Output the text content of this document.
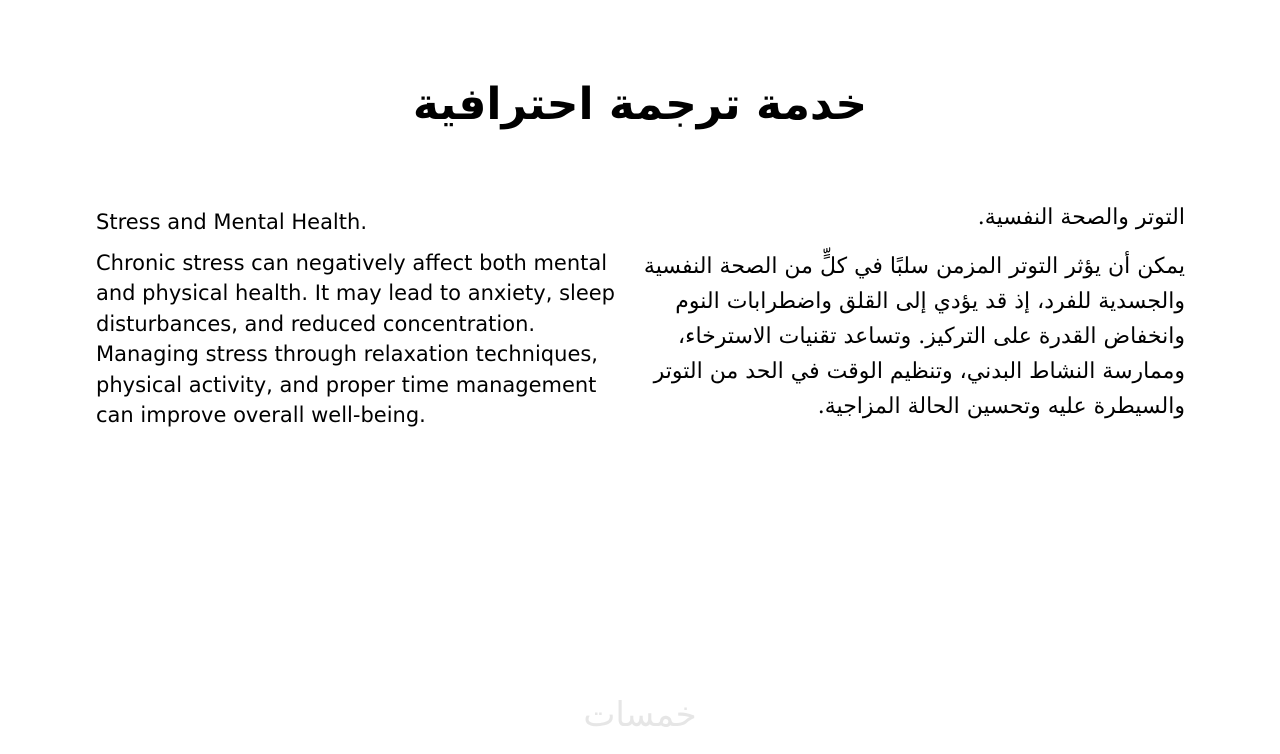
خدمة ترجمة احترافية

Stress and Mental Health.

Chronic stress can negatively affect both mental and physical health. It may lead to anxiety, sleep disturbances, and reduced concentration. Managing stress through relaxation techniques, physical activity, and proper time management can improve overall well-being.

التوتر والصحة النفسية.

يمكن أن يؤثر التوتر المزمن سلبًا في كلٍّ من الصحة النفسية والجسدية للفرد، إذ قد يؤدي إلى القلق واضطرابات النوم وانخفاض القدرة على التركيز. وتساعد تقنيات الاسترخاء، وممارسة النشاط البدني، وتنظيم الوقت في الحد من التوتر والسيطرة عليه وتحسين الحالة المزاجية.

خمسات
